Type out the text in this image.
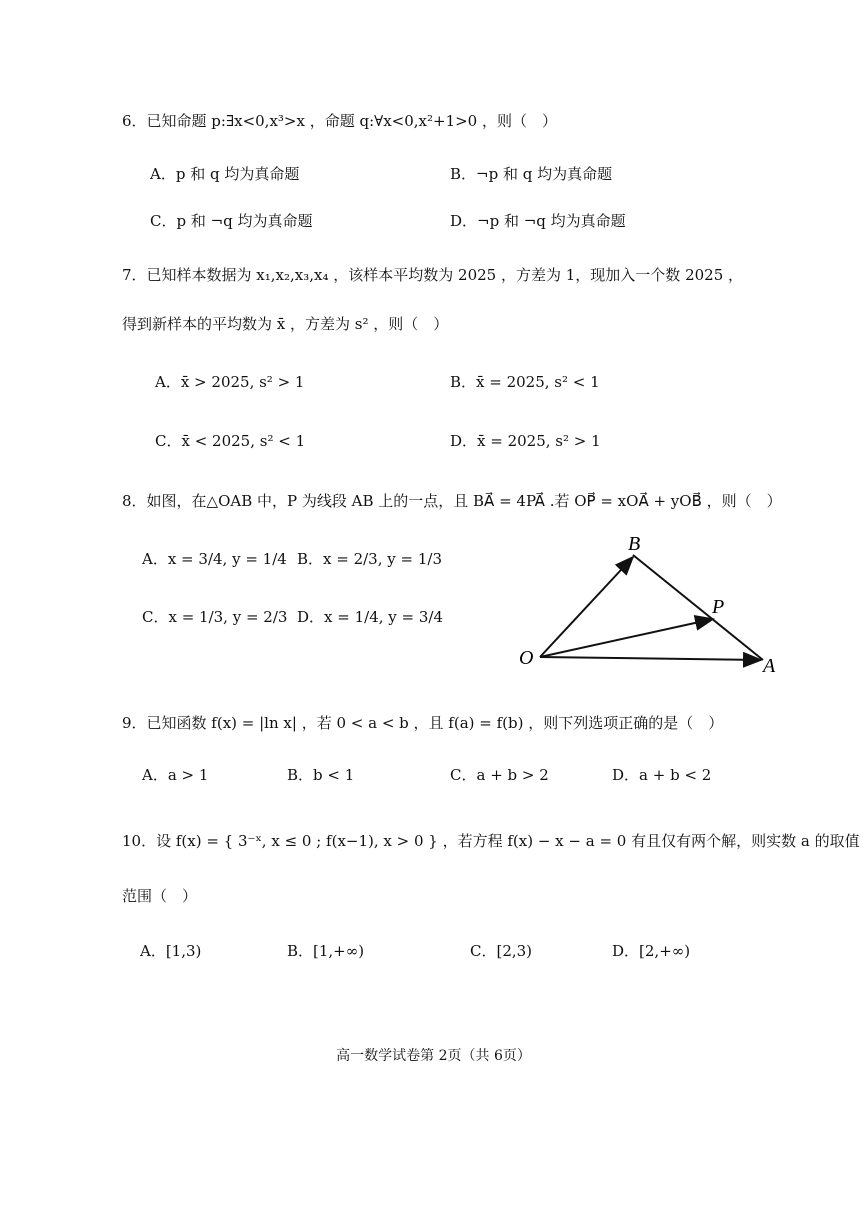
6．已知命题 p:∃x<0,x³>x ，命题 q:∀x<0,x²+1>0 ，则（　）
A．p 和 q 均为真命题	B．¬p 和 q 均为真命题
C．p 和 ¬q 均为真命题	D．¬p 和 ¬q 均为真命题
7．已知样本数据为 x₁,x₂,x₃,x₄ ，该样本平均数为 2025 ，方差为 1，现加入一个数 2025 ，
得到新样本的平均数为 x̄ ，方差为 s² ，则（　）
A．x̄ > 2025, s² > 1	B．x̄ = 2025, s² < 1
C．x̄ < 2025, s² < 1	D．x̄ = 2025, s² > 1
8．如图，在△OAB 中，P 为线段 AB 上的一点，且 BA⃗ = 4PA⃗ .若 OP⃗ = xOA⃗ + yOB⃗ ，则（　）
A．x = 3/4, y = 1/4 B．x = 2/3, y = 1/3
C．x = 1/3, y = 2/3 D．x = 1/4, y = 3/4
O	A
B
P
9．已知函数 f(x) = |ln x| ，若 0 < a < b ，且 f(a) = f(b) ，则下列选项正确的是（　）
A．a > 1	B．b < 1	C．a + b > 2	D．a + b < 2
10．设 f(x) = { 3⁻ˣ, x ≤ 0 ; f(x−1), x > 0 } ，若方程 f(x) − x − a = 0 有且仅有两个解，则实数 a 的取值
范围（　）
A．[1,3)	B．[1,+∞)	C．[2,3)	D．[2,+∞)
高一数学试卷第 2页（共 6页）
